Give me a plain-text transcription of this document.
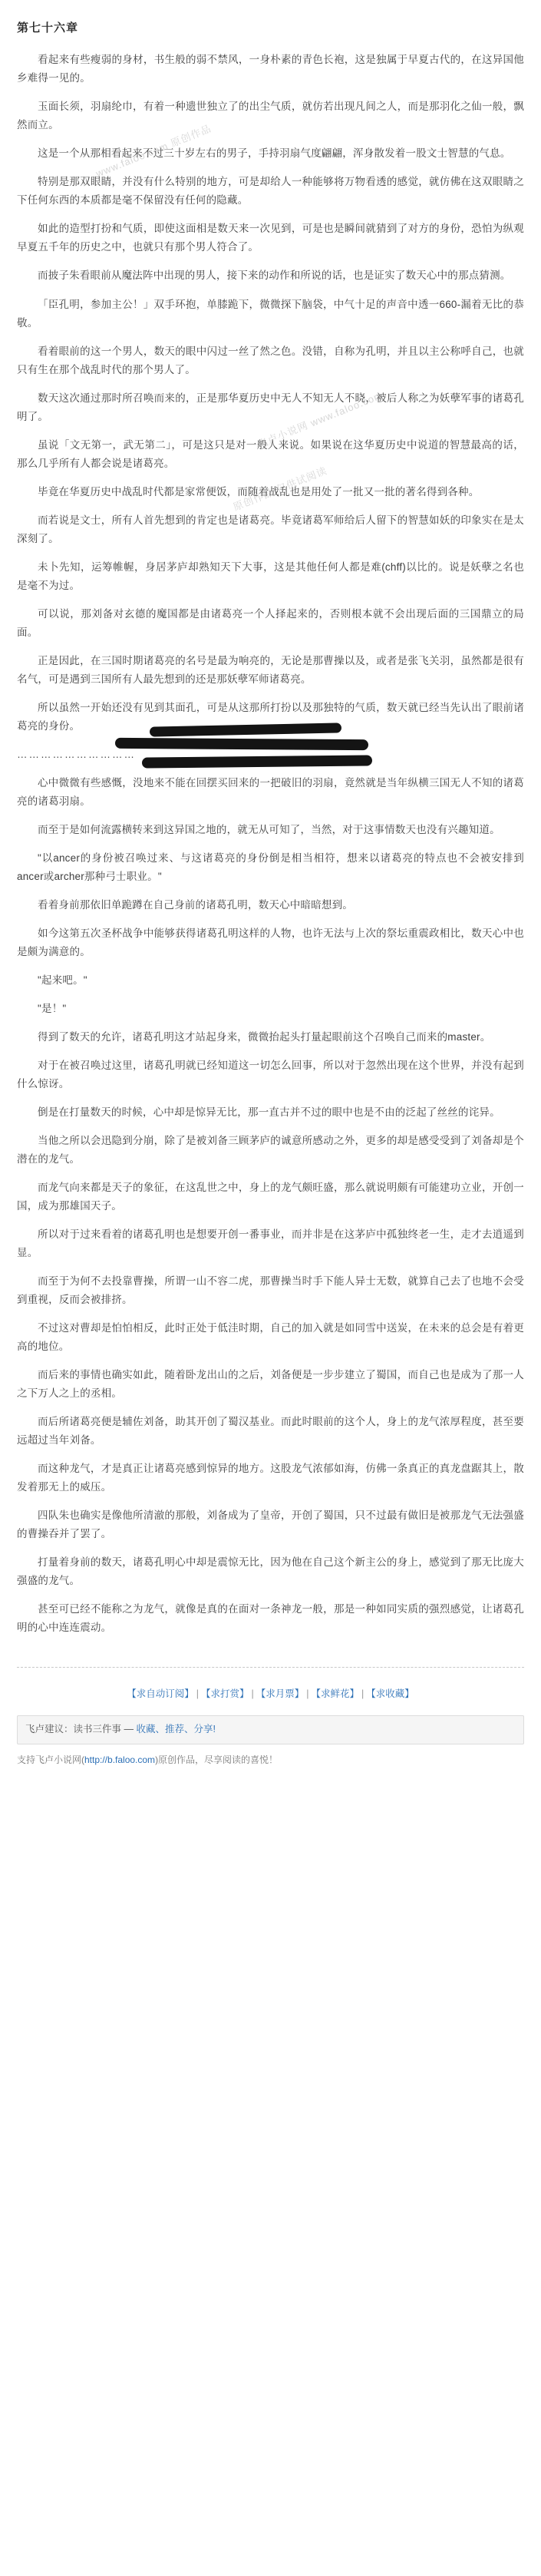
第七十六章

看起来有些瘦弱的身材，书生般的弱不禁风，一身朴素的青色长袍，这是独属于早夏古代的，在这异国他乡难得一见的。

玉面长须，羽扇纶巾，有着一种遗世独立了的出尘气质，就仿若出现凡间之人，而是那羽化之仙一般，飘然而立。

这是一个从那相看起来不过三十岁左右的男子，手持羽扇气度翩翩，浑身散发着一股文士智慧的气息。

特别是那双眼睛，并没有什么特别的地方，可是却给人一种能够将万物看透的感觉，就仿佛在这双眼睛之下任何东西的本质都是毫不保留没有任何的隐藏。

如此的造型打扮和气质，即使这面相是数天来一次见到，可是也是瞬间就猜到了对方的身份，恐怕为纵观早夏五千年的历史之中，也就只有那个男人符合了。

而披子朱看眼前从魔法阵中出现的男人，接下来的动作和所说的话，也是证实了数天心中的那点猜测。

「臣孔明，参加主公！」双手环抱，单膝跪下，微微探下脑袋，中气十足的声音中透一660-漏着无比的恭敬。

看着眼前的这一个男人，数天的眼中闪过一丝了然之色。没错，自称为孔明，并且以主公称呼自己，也就只有生在那个战乱时代的那个男人了。

数天这次通过那时所召唤而来的，正是那华夏历史中无人不知无人不晓，被后人称之为妖孽军事的诸葛孔明了。

虽说「文无第一，武无第二」，可是这只是对一般人来说。如果说在这华夏历史中说道的智慧最高的话，那么几乎所有人都会说是诸葛亮。

毕竟在华夏历史中战乱时代都是家常便饭，而随着战乱也是用处了一批又一批的著名得到各种。

而若说是文士，所有人首先想到的肯定也是诸葛亮。毕竟诸葛军师给后人留下的智慧如妖的印象实在是太深刻了。

未卜先知，运筹帷幄，身居茅庐却熟知天下大事，这是其他任何人都是难(chff)以比的。说是妖孽之名也是毫不为过。

可以说，那刘备对玄德的魔国都是由诸葛亮一个人择起来的，否则根本就不会出现后面的三国鼎立的局面。

正是因此，在三国时期诸葛亮的名号是最为响亮的，无论是那曹操以及，或者是张飞关羽，虽然都是很有名气，可是遇到三国所有人最先想到的还是那妖孽军师诸葛亮。

所以虽然一开始还没有见到其面孔，可是从这那所打扮以及那独特的气质，数天就已经当先认出了眼前诸葛亮的身份。

…………………………

心中微微有些感慨，没地来不能在回摆买回来的一把破旧的羽扇，竟然就是当年纵横三国无人不知的诸葛亮的诸葛羽扇。

而至于是如何流露横转来到这异国之地的，就无从可知了，当然，对于这事情数天也没有兴趣知道。

"以ancer的身份被召唤过来、与这诸葛亮的身份倒是相当相符，想来以诸葛亮的特点也不会被安排到ancer或archer那种弓士职业。"

看着身前那依旧单跪蹲在自己身前的诸葛孔明，数天心中暗暗想到。

如今这第五次圣杯战争中能够获得诸葛孔明这样的人物，也许无法与上次的祭坛重震政相比，数天心中也是颇为满意的。

"起来吧。"

"是！"

得到了数天的允许，诸葛孔明这才站起身来，微微抬起头打量起眼前这个召唤自己而来的master。

对于在被召唤过这里，诸葛孔明就已经知道这一切怎么回事，所以对于忽然出现在这个世界，并没有起到什么惊讶。

倒是在打量数天的时候，心中却是惊异无比，那一直古并不过的眼中也是不由的泛起了丝丝的诧异。

当他之所以会迅隐到分崩，除了是被刘备三顾茅庐的诚意所感动之外，更多的却是感受受到了刘备却是个潜在的龙气。

而龙气向来都是天子的象征，在这乱世之中，身上的龙气颇旺盛，那么就说明颇有可能建功立业，开创一国，成为那雄国天子。

所以对于过来看着的诸葛孔明也是想要开创一番事业，而并非是在这茅庐中孤独终老一生，走才去逍遥到显。

而至于为何不去投靠曹操，所谓一山不容二虎，那曹操当时手下能人异士无数，就算自己去了也地不会受到重视，反而会被排挤。

不过这对曹却是怕怕相反，此时正处于低洼时期，自己的加入就是如同雪中送炭，在未来的总会是有着更高的地位。

而后来的事情也确实如此，随着卧龙出山的之后，刘备便是一步步建立了蜀国，而自己也是成为了那一人之下万人之上的丞相。

而后所诸葛亮便是辅佐刘备，助其开创了蜀汉基业。而此时眼前的这个人，身上的龙气浓厚程度，甚至要远超过当年刘备。

而这种龙气，才是真正让诸葛亮感到惊异的地方。这股龙气浓郁如海，仿佛一条真正的真龙盘踞其上，散发着那无上的威压。

四队朱也确实是像他所清澈的那般，刘备成为了皇帝，开创了蜀国，只不过最有做旧是被那龙气无法强盛的曹操吞并了罢了。

打量着身前的数天，诸葛孔明心中却是震惊无比，因为他在自己这个新主公的身上，感觉到了那无比庞大强盛的龙气。

甚至可已经不能称之为龙气，就像是真的在面对一条神龙一般，那是一种如同实质的强烈感觉，让诸葛孔明的心中连连震动。

www.faloo.com 原创作品
飞卢小说网 www.faloo.com
原创作品 仅供试阅读
【求自动订阅】 | 【求打赏】 | 【求月票】 | 【求鲜花】 | 【求收藏】
飞卢建议：读书三件事 — 收藏、推荐、分享!
支持飞卢小说网(http://b.faloo.com)原创作品，尽享阅读的喜悦！
